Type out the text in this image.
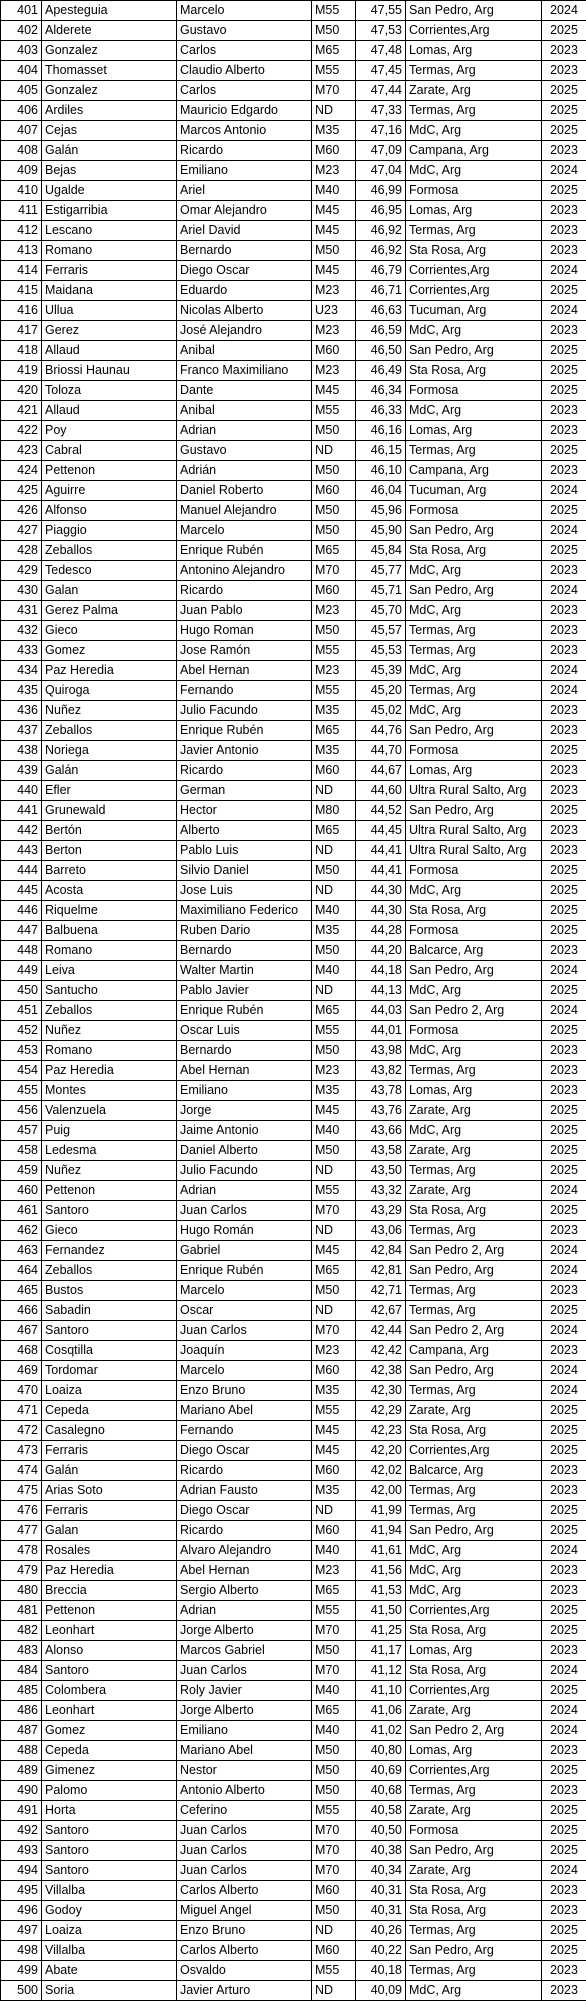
401	Apesteguia	Marcelo	M55	47,55	San Pedro, Arg	2024
402	Alderete	Gustavo	M50	47,53	Corrientes,Arg	2025
403	Gonzalez	Carlos	M65	47,48	Lomas, Arg	2023
404	Thomasset	Claudio Alberto	M55	47,45	Termas, Arg	2023
405	Gonzalez	Carlos	M70	47,44	Zarate, Arg	2025
406	Ardiles	Mauricio Edgardo	ND	47,33	Termas, Arg	2025
407	Cejas	Marcos Antonio	M35	47,16	MdC, Arg	2025
408	Galán	Ricardo	M60	47,09	Campana, Arg	2023
409	Bejas	Emiliano	M23	47,04	MdC, Arg	2024
410	Ugalde	Ariel	M40	46,99	Formosa	2025
411	Estigarribia	Omar Alejandro	M45	46,95	Lomas, Arg	2023
412	Lescano	Ariel David	M45	46,92	Termas, Arg	2023
413	Romano	Bernardo	M50	46,92	Sta Rosa, Arg	2023
414	Ferraris	Diego Oscar	M45	46,79	Corrientes,Arg	2024
415	Maidana	Eduardo	M23	46,71	Corrientes,Arg	2025
416	Ullua	Nicolas Alberto	U23	46,63	Tucuman, Arg	2024
417	Gerez	José Alejandro	M23	46,59	MdC, Arg	2023
418	Allaud	Anibal	M60	46,50	San Pedro, Arg	2025
419	Briossi Haunau	Franco Maximiliano	M23	46,49	Sta Rosa, Arg	2025
420	Toloza	Dante	M45	46,34	Formosa	2025
421	Allaud	Anibal	M55	46,33	MdC, Arg	2023
422	Poy	Adrian	M50	46,16	Lomas, Arg	2023
423	Cabral	Gustavo	ND	46,15	Termas, Arg	2025
424	Pettenon	Adrián	M50	46,10	Campana, Arg	2023
425	Aguirre	Daniel Roberto	M60	46,04	Tucuman, Arg	2024
426	Alfonso	Manuel Alejandro	M50	45,96	Formosa	2025
427	Piaggio	Marcelo	M50	45,90	San Pedro, Arg	2024
428	Zeballos	Enrique Rubén	M65	45,84	Sta Rosa, Arg	2025
429	Tedesco	Antonino Alejandro	M70	45,77	MdC, Arg	2023
430	Galan	Ricardo	M60	45,71	San Pedro, Arg	2024
431	Gerez Palma	Juan Pablo	M23	45,70	MdC, Arg	2023
432	Gieco	Hugo Roman	M50	45,57	Termas, Arg	2023
433	Gomez	Jose Ramón	M55	45,53	Termas, Arg	2023
434	Paz Heredia	Abel Hernan	M23	45,39	MdC, Arg	2024
435	Quiroga	Fernando	M55	45,20	Termas, Arg	2024
436	Nuñez	Julio Facundo	M35	45,02	MdC, Arg	2023
437	Zeballos	Enrique Rubén	M65	44,76	San Pedro, Arg	2023
438	Noriega	Javier Antonio	M35	44,70	Formosa	2025
439	Galán	Ricardo	M60	44,67	Lomas, Arg	2023
440	Efler	German	ND	44,60	Ultra Rural Salto, Arg	2023
441	Grunewald	Hector	M80	44,52	San Pedro, Arg	2025
442	Bertón	Alberto	M65	44,45	Ultra Rural Salto, Arg	2023
443	Berton	Pablo Luis	ND	44,41	Ultra Rural Salto, Arg	2023
444	Barreto	Silvio Daniel	M50	44,41	Formosa	2025
445	Acosta	Jose Luis	ND	44,30	MdC, Arg	2025
446	Riquelme	Maximiliano Federico	M40	44,30	Sta Rosa, Arg	2025
447	Balbuena	Ruben Dario	M35	44,28	Formosa	2025
448	Romano	Bernardo	M50	44,20	Balcarce, Arg	2023
449	Leiva	Walter Martin	M40	44,18	San Pedro, Arg	2024
450	Santucho	Pablo Javier	ND	44,13	MdC, Arg	2025
451	Zeballos	Enrique Rubén	M65	44,03	San Pedro 2, Arg	2024
452	Nuñez	Oscar Luis	M55	44,01	Formosa	2025
453	Romano	Bernardo	M50	43,98	MdC, Arg	2023
454	Paz Heredia	Abel Hernan	M23	43,82	Termas, Arg	2023
455	Montes	Emiliano	M35	43,78	Lomas, Arg	2023
456	Valenzuela	Jorge	M45	43,76	Zarate, Arg	2025
457	Puig	Jaime Antonio	M40	43,66	MdC, Arg	2025
458	Ledesma	Daniel Alberto	M50	43,58	Zarate, Arg	2025
459	Nuñez	Julio Facundo	ND	43,50	Termas, Arg	2025
460	Pettenon	Adrian	M55	43,32	Zarate, Arg	2024
461	Santoro	Juan Carlos	M70	43,29	Sta Rosa, Arg	2025
462	Gieco	Hugo Román	ND	43,06	Termas, Arg	2023
463	Fernandez	Gabriel	M45	42,84	San Pedro 2, Arg	2024
464	Zeballos	Enrique Rubén	M65	42,81	San Pedro, Arg	2024
465	Bustos	Marcelo	M50	42,71	Termas, Arg	2023
466	Sabadin	Oscar	ND	42,67	Termas, Arg	2025
467	Santoro	Juan Carlos	M70	42,44	San Pedro 2, Arg	2024
468	Cosqtilla	Joaquín	M23	42,42	Campana, Arg	2023
469	Tordomar	Marcelo	M60	42,38	San Pedro, Arg	2024
470	Loaiza	Enzo Bruno	M35	42,30	Termas, Arg	2024
471	Cepeda	Mariano Abel	M55	42,29	Zarate, Arg	2025
472	Casalegno	Fernando	M45	42,23	Sta Rosa, Arg	2025
473	Ferraris	Diego Oscar	M45	42,20	Corrientes,Arg	2025
474	Galán	Ricardo	M60	42,02	Balcarce, Arg	2023
475	Arias Soto	Adrian Fausto	M35	42,00	Termas, Arg	2023
476	Ferraris	Diego Oscar	ND	41,99	Termas, Arg	2025
477	Galan	Ricardo	M60	41,94	San Pedro, Arg	2025
478	Rosales	Alvaro Alejandro	M40	41,61	MdC, Arg	2024
479	Paz Heredia	Abel Hernan	M23	41,56	MdC, Arg	2023
480	Breccia	Sergio Alberto	M65	41,53	MdC, Arg	2023
481	Pettenon	Adrian	M55	41,50	Corrientes,Arg	2025
482	Leonhart	Jorge Alberto	M70	41,25	Sta Rosa, Arg	2025
483	Alonso	Marcos Gabriel	M50	41,17	Lomas, Arg	2023
484	Santoro	Juan Carlos	M70	41,12	Sta Rosa, Arg	2024
485	Colombera	Roly Javier	M40	41,10	Corrientes,Arg	2025
486	Leonhart	Jorge Alberto	M65	41,06	Zarate, Arg	2024
487	Gomez	Emiliano	M40	41,02	San Pedro 2, Arg	2024
488	Cepeda	Mariano Abel	M50	40,80	Lomas, Arg	2023
489	Gimenez	Nestor	M50	40,69	Corrientes,Arg	2025
490	Palomo	Antonio Alberto	M50	40,68	Termas, Arg	2023
491	Horta	Ceferino	M55	40,58	Zarate, Arg	2025
492	Santoro	Juan Carlos	M70	40,50	Formosa	2025
493	Santoro	Juan Carlos	M70	40,38	San Pedro, Arg	2025
494	Santoro	Juan Carlos	M70	40,34	Zarate, Arg	2024
495	Villalba	Carlos Alberto	M60	40,31	Sta Rosa, Arg	2023
496	Godoy	Miguel Angel	M50	40,31	Sta Rosa, Arg	2023
497	Loaiza	Enzo Bruno	ND	40,26	Termas, Arg	2025
498	Villalba	Carlos Alberto	M60	40,22	San Pedro, Arg	2025
499	Abate	Osvaldo	M55	40,18	Termas, Arg	2023
500	Soria	Javier Arturo	ND	40,09	MdC, Arg	2023
